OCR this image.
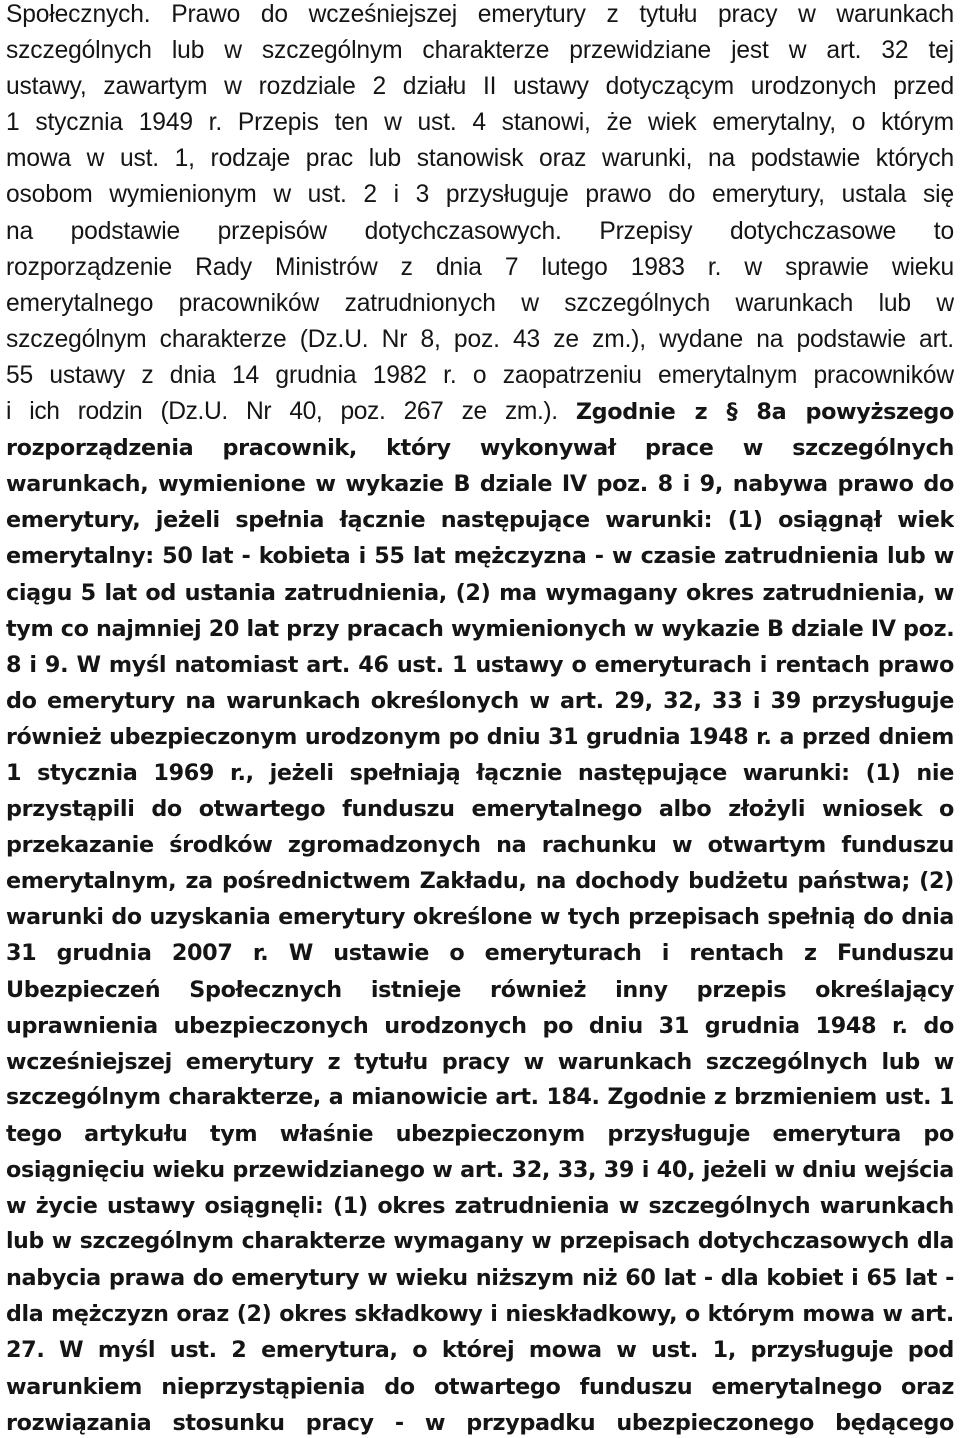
Społecznych. Prawo do wcześniejszej emerytury z tytułu pracy w warunkach
szczególnych lub w szczególnym charakterze przewidziane jest w art. 32 tej
ustawy, zawartym w rozdziale 2 działu II ustawy dotyczącym urodzonych przed
1 stycznia 1949 r. Przepis ten w ust. 4 stanowi, że wiek emerytalny, o którym
mowa w ust. 1, rodzaje prac lub stanowisk oraz warunki, na podstawie których
osobom wymienionym w ust. 2 i 3 przysługuje prawo do emerytury, ustala się
na podstawie przepisów dotychczasowych. Przepisy dotychczasowe to
rozporządzenie Rady Ministrów z dnia 7 lutego 1983 r. w sprawie wieku
emerytalnego pracowników zatrudnionych w szczególnych warunkach lub w
szczególnym charakterze (Dz.U. Nr 8, poz. 43 ze zm.), wydane na podstawie art.
55 ustawy z dnia 14 grudnia 1982 r. o zaopatrzeniu emerytalnym pracowników
i ich rodzin (Dz.U. Nr 40, poz. 267 ze zm.). Zgodnie z § 8a powyższego
rozporządzenia pracownik, który wykonywał prace w szczególnych
warunkach, wymienione w wykazie B dziale IV poz. 8 i 9, nabywa prawo do
emerytury, jeżeli spełnia łącznie następujące warunki: (1) osiągnął wiek
emerytalny: 50 lat - kobieta i 55 lat mężczyzna - w czasie zatrudnienia lub w
ciągu 5 lat od ustania zatrudnienia, (2) ma wymagany okres zatrudnienia, w
tym co najmniej 20 lat przy pracach wymienionych w wykazie B dziale IV poz.
8 i 9. W myśl natomiast art. 46 ust. 1 ustawy o emeryturach i rentach prawo
do emerytury na warunkach określonych w art. 29, 32, 33 i 39 przysługuje
również ubezpieczonym urodzonym po dniu 31 grudnia 1948 r. a przed dniem
1 stycznia 1969 r., jeżeli spełniają łącznie następujące warunki: (1) nie
przystąpili do otwartego funduszu emerytalnego albo złożyli wniosek o
przekazanie środków zgromadzonych na rachunku w otwartym funduszu
emerytalnym, za pośrednictwem Zakładu, na dochody budżetu państwa; (2)
warunki do uzyskania emerytury określone w tych przepisach spełnią do dnia
31 grudnia 2007 r. W ustawie o emeryturach i rentach z Funduszu
Ubezpieczeń Społecznych istnieje również inny przepis określający
uprawnienia ubezpieczonych urodzonych po dniu 31 grudnia 1948 r. do
wcześniejszej emerytury z tytułu pracy w warunkach szczególnych lub w
szczególnym charakterze, a mianowicie art. 184. Zgodnie z brzmieniem ust. 1
tego artykułu tym właśnie ubezpieczonym przysługuje emerytura po
osiągnięciu wieku przewidzianego w art. 32, 33, 39 i 40, jeżeli w dniu wejścia
w życie ustawy osiągnęli: (1) okres zatrudnienia w szczególnych warunkach
lub w szczególnym charakterze wymagany w przepisach dotychczasowych dla
nabycia prawa do emerytury w wieku niższym niż 60 lat - dla kobiet i 65 lat -
dla mężczyzn oraz (2) okres składkowy i nieskładkowy, o którym mowa w art.
27. W myśl ust. 2 emerytura, o której mowa w ust. 1, przysługuje pod
warunkiem nieprzystąpienia do otwartego funduszu emerytalnego oraz
rozwiązania stosunku pracy - w przypadku ubezpieczonego będącego
